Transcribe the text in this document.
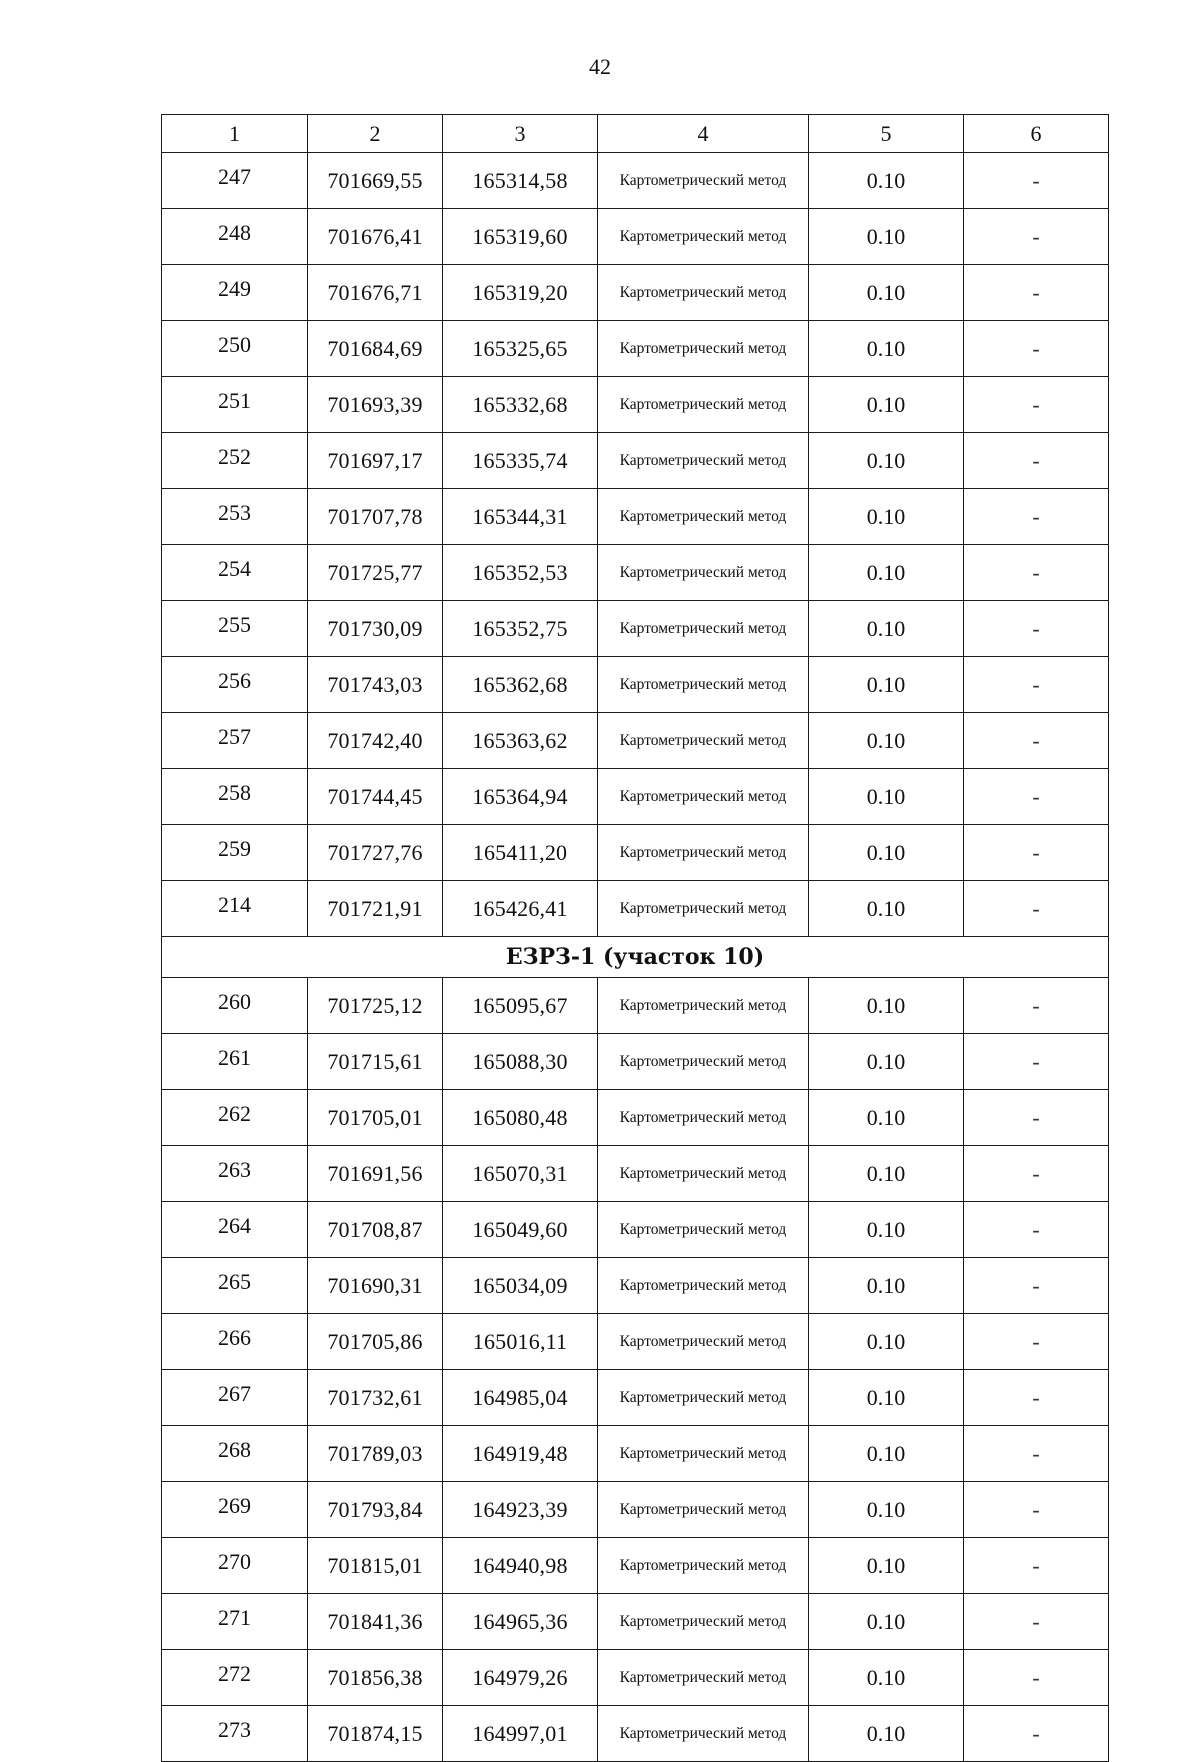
42
1	2	3	4	5	6
247	701669,55	165314,58	Картометрический метод	0.10	-
248	701676,41	165319,60	Картометрический метод	0.10	-
249	701676,71	165319,20	Картометрический метод	0.10	-
250	701684,69	165325,65	Картометрический метод	0.10	-
251	701693,39	165332,68	Картометрический метод	0.10	-
252	701697,17	165335,74	Картометрический метод	0.10	-
253	701707,78	165344,31	Картометрический метод	0.10	-
254	701725,77	165352,53	Картометрический метод	0.10	-
255	701730,09	165352,75	Картометрический метод	0.10	-
256	701743,03	165362,68	Картометрический метод	0.10	-
257	701742,40	165363,62	Картометрический метод	0.10	-
258	701744,45	165364,94	Картометрический метод	0.10	-
259	701727,76	165411,20	Картометрический метод	0.10	-
214	701721,91	165426,41	Картометрический метод	0.10	-
ЕЗРЗ-1 (участок 10)					
260	701725,12	165095,67	Картометрический метод	0.10	-
261	701715,61	165088,30	Картометрический метод	0.10	-
262	701705,01	165080,48	Картометрический метод	0.10	-
263	701691,56	165070,31	Картометрический метод	0.10	-
264	701708,87	165049,60	Картометрический метод	0.10	-
265	701690,31	165034,09	Картометрический метод	0.10	-
266	701705,86	165016,11	Картометрический метод	0.10	-
267	701732,61	164985,04	Картометрический метод	0.10	-
268	701789,03	164919,48	Картометрический метод	0.10	-
269	701793,84	164923,39	Картометрический метод	0.10	-
270	701815,01	164940,98	Картометрический метод	0.10	-
271	701841,36	164965,36	Картометрический метод	0.10	-
272	701856,38	164979,26	Картометрический метод	0.10	-
273	701874,15	164997,01	Картометрический метод	0.10	-
